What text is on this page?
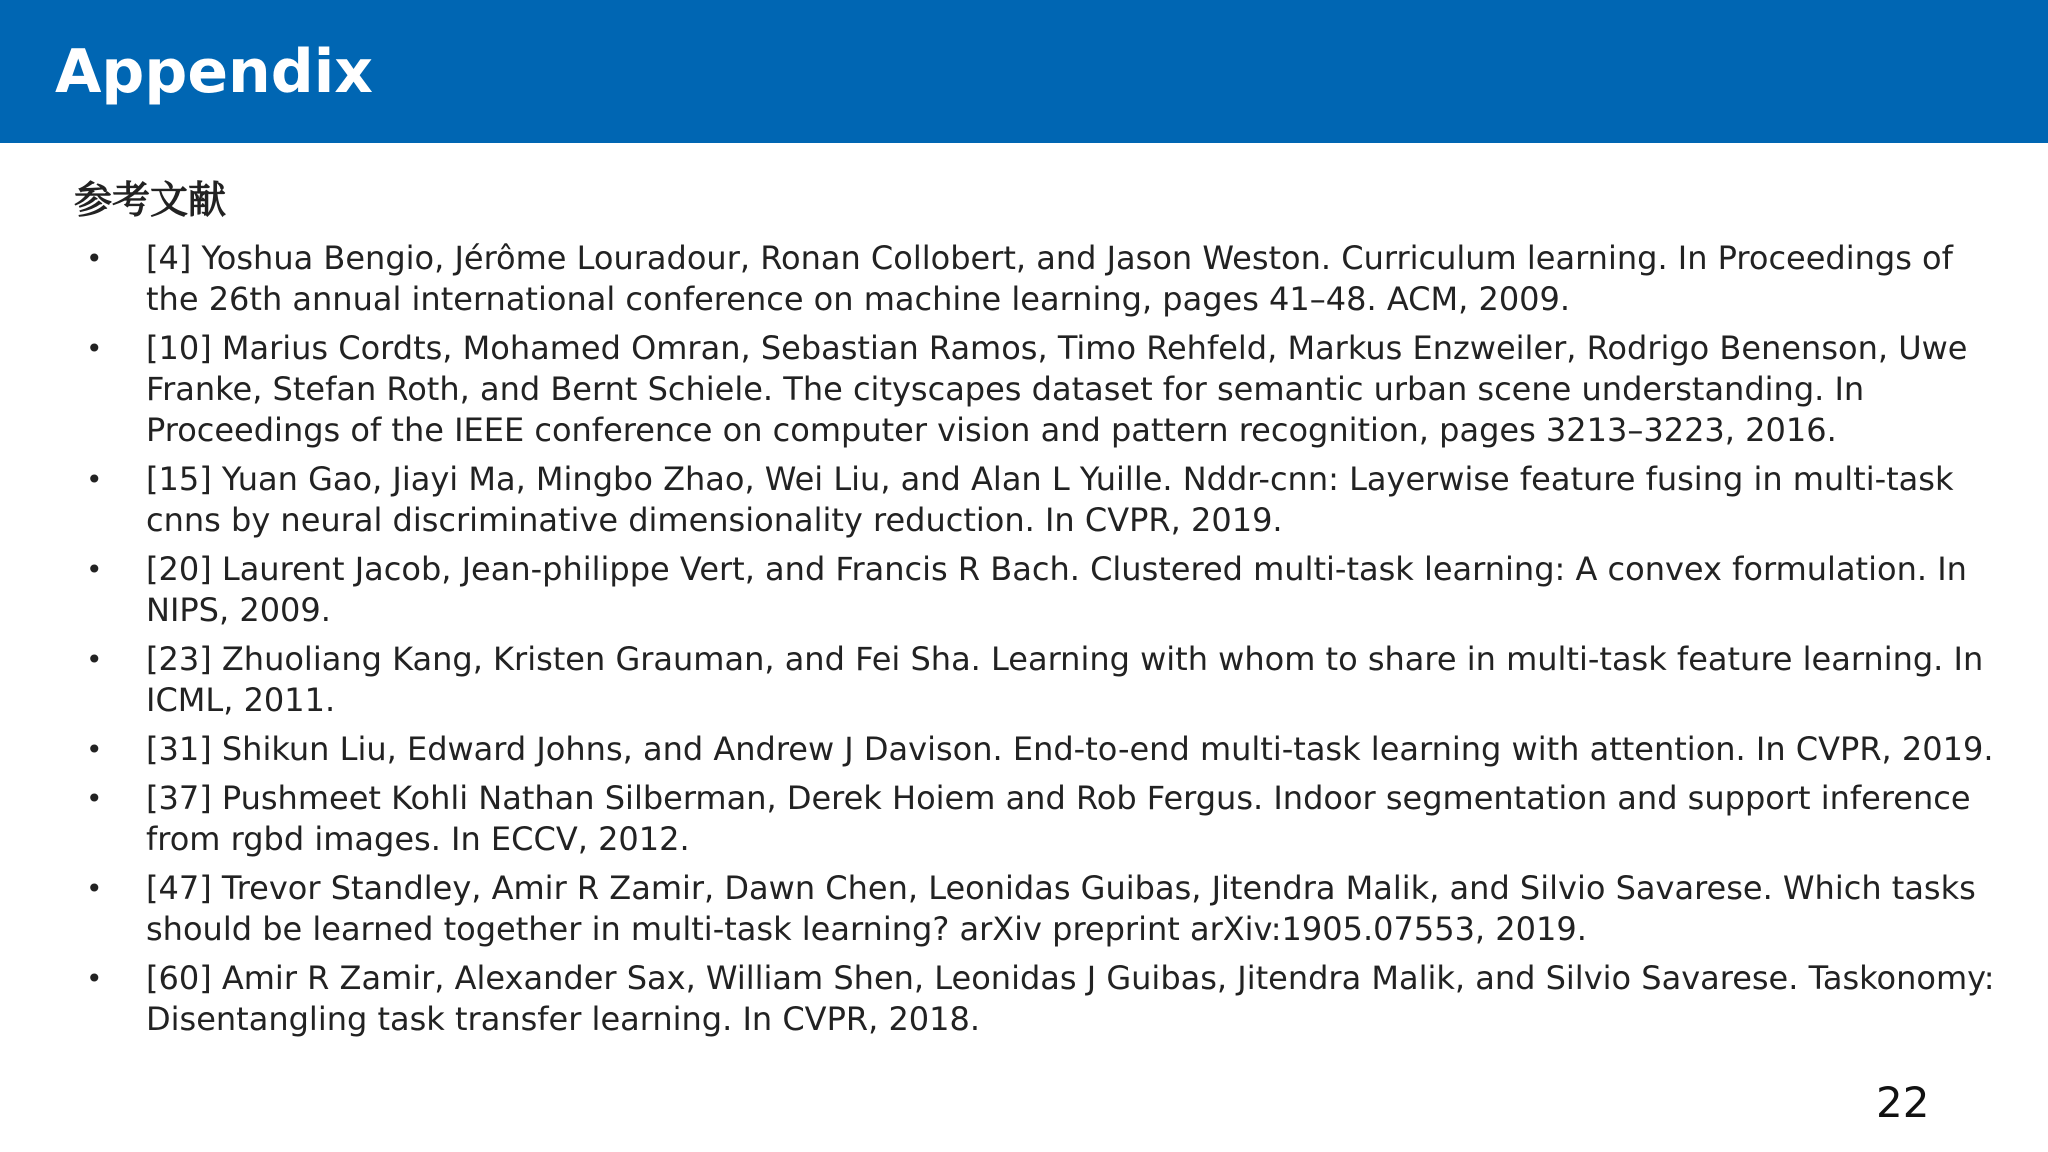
Appendix
参考文献
• [4] Yoshua Bengio, Jérôme Louradour, Ronan Collobert, and Jason Weston. Curriculum learning. In Proceedings of the 26th annual international conference on machine learning, pages 41–48. ACM, 2009.
• [10] Marius Cordts, Mohamed Omran, Sebastian Ramos, Timo Rehfeld, Markus Enzweiler, Rodrigo Benenson, Uwe Franke, Stefan Roth, and Bernt Schiele. The cityscapes dataset for semantic urban scene understanding. In Proceedings of the IEEE conference on computer vision and pattern recognition, pages 3213–3223, 2016.
• [15] Yuan Gao, Jiayi Ma, Mingbo Zhao, Wei Liu, and Alan L Yuille. Nddr-cnn: Layerwise feature fusing in multi-task cnns by neural discriminative dimensionality reduction. In CVPR, 2019.
• [20] Laurent Jacob, Jean-philippe Vert, and Francis R Bach. Clustered multi-task learning: A convex formulation. In NIPS, 2009.
• [23] Zhuoliang Kang, Kristen Grauman, and Fei Sha. Learning with whom to share in multi-task feature learning. In ICML, 2011.
• [31] Shikun Liu, Edward Johns, and Andrew J Davison. End-to-end multi-task learning with attention. In CVPR, 2019.
• [37] Pushmeet Kohli Nathan Silberman, Derek Hoiem and Rob Fergus. Indoor segmentation and support inference from rgbd images. In ECCV, 2012.
• [47] Trevor Standley, Amir R Zamir, Dawn Chen, Leonidas Guibas, Jitendra Malik, and Silvio Savarese. Which tasks should be learned together in multi-task learning? arXiv preprint arXiv:1905.07553, 2019.
• [60] Amir R Zamir, Alexander Sax, William Shen, Leonidas J Guibas, Jitendra Malik, and Silvio Savarese. Taskonomy: Disentangling task transfer learning. In CVPR, 2018.
22
